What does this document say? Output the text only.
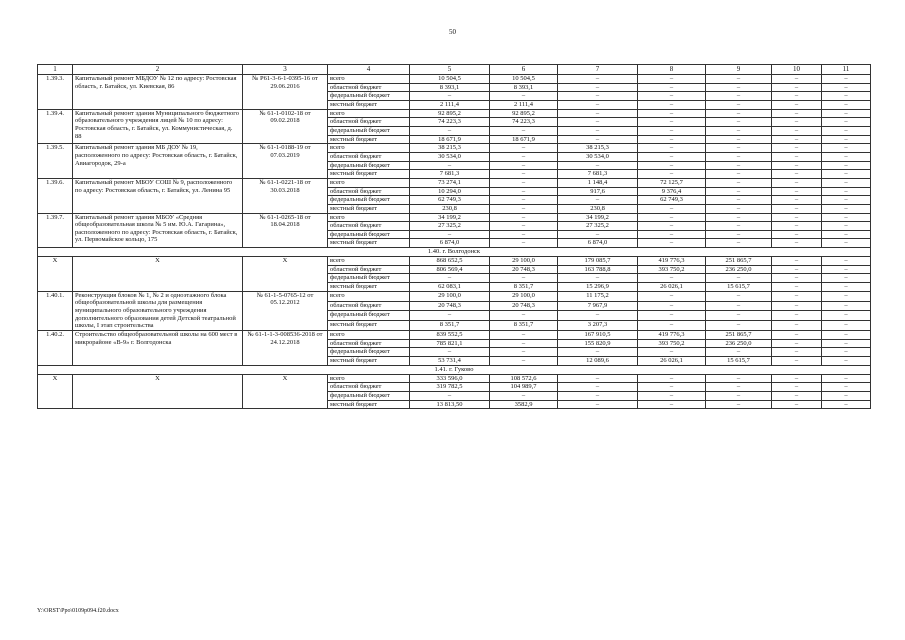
50
1	2	3	4	5	6	7	8	9	10	11
1.39.3.	Капитальный ремонт МБДОУ № 12 по адресу: Ростовская область, г. Батайск, ул. Киевская, 86	№ Р61-3-6-1-0395-16 от 29.06.2016	всего	10 504,5	10 504,5	–	–	–	–	–
			областной бюджет	8 393,1	8 393,1	–	–	–	–	–
			федеральный бюджет	–	–	–	–	–	–	–
			местный бюджет	2 111,4	2 111,4	–	–	–	–	–
1.39.4.	Капитальный ремонт здания Муниципального бюджетного образовательного учреждения лицей № 10 по адресу: Ростовская область, г. Батайск, ул. Коммунистическая, д. 88	№ 61-1-0102-18 от 09.02.2018	всего	92 895,2	92 895,2	–	–	–	–	–
			областной бюджет	74 223,3	74 223,3	–	–	–	–	–
			федеральный бюджет	–	–	–	–	–	–	–
			местный бюджет	18 671,9	18 671,9	–	–	–	–	–
1.39.5.	Капитальный ремонт здания МБ ДОУ № 19, расположенного по адресу: Ростовская область, г. Батайск, Авиагородок, 29-а	№ 61-1-0188-19 от 07.03.2019	всего	38 215,3	–	38 215,3	–	–	–	–
			областной бюджет	30 534,0	–	30 534,0	–	–	–	–
			федеральный бюджет	–	–	–	–	–	–	–
			местный бюджет	7 681,3	–	7 681,3	–	–	–	–
1.39.6.	Капитальный ремонт МБОУ СОШ № 9, расположенного по адресу: Ростовская область, г. Батайск, ул. Ленина 95	№ 61-1-0221-18 от 30.03.2018	всего	73 274,1	–	1 148,4	72 125,7	–	–	–
			областной бюджет	10 294,0	–	917,6	9 376,4	–	–	–
			федеральный бюджет	62 749,3	–	–	62 749,3	–	–	–
			местный бюджет	230,8	–	230,8	–	–	–	–
1.39.7.	Капитальный ремонт здания МБОУ «Средняя общеобразовательная школа № 5 им. Ю.А. Гагарина», расположенного по адресу: Ростовская область, г. Батайск, ул. Первомайское кольцо, 175	№ 61-1-0265-18 от 18.04.2018	всего	34 199,2	–	34 199,2	–	–	–	–
			областной бюджет	27 325,2	–	27 325,2	–	–	–	–
			федеральный бюджет	–	–	–	–	–	–	–
			местный бюджет	6 874,0	–	6 874,0	–	–	–	–
1.40. г. Волгодонск										
Х	Х	Х	всего	868 652,5	29 100,0	179 085,7	419 776,3	251 865,7	–	–
			областной бюджет	806 569,4	20 748,3	163 788,8	393 750,2	236 250,0	–	–
			федеральный бюджет	–	–	–	–	–	–	–
			местный бюджет	62 083,1	8 351,7	15 296,9	26 026,1	15 615,7	–	–
1.40.1.	Реконструкция блоков № 1, № 2 и одноэтажного блока общеобразовательной школы для размещения муниципального образовательного учреждения дополнительного образования детей Детской театральной школы, I этап строительства	№ 61-1-5-0765-12 от 05.12.2012	всего	29 100,0	29 100,0	11 175,2	–	–	–	–
			областной бюджет	20 748,3	20 748,3	7 967,9	–	–	–	–
			федеральный бюджет	–	–	–	–	–	–	–
			местный бюджет	8 351,7	8 351,7	3 207,3	–	–	–	–
1.40.2.	Строительство общеобразовательной школы на 600 мест в микрорайоне «В-9» г. Волгодонска	№ 61-1-1-3-008536-2018 от 24.12.2018	всего	839 552,5	–	167 910,5	419 776,3	251 865,7	–	–
			областной бюджет	785 821,1	–	155 820,9	393 750,2	236 250,0	–	–
			федеральный бюджет	–	–	–	–	–	–	–
			местный бюджет	53 731,4	–	12 089,6	26 026,1	15 615,7	–	–
1.41. г. Гуково										
Х	Х	Х	всего	333 596,0	108 572,6	–	–	–	–	–
			областной бюджет	319 782,5	104 989,7	–	–	–	–	–
			федеральный бюджет	–	–	–	–	–	–	–
			местный бюджет	13 813,50	3582,9	–	–	–	–	–
Y:\ORST\Ppo\0109p094.f20.docx
